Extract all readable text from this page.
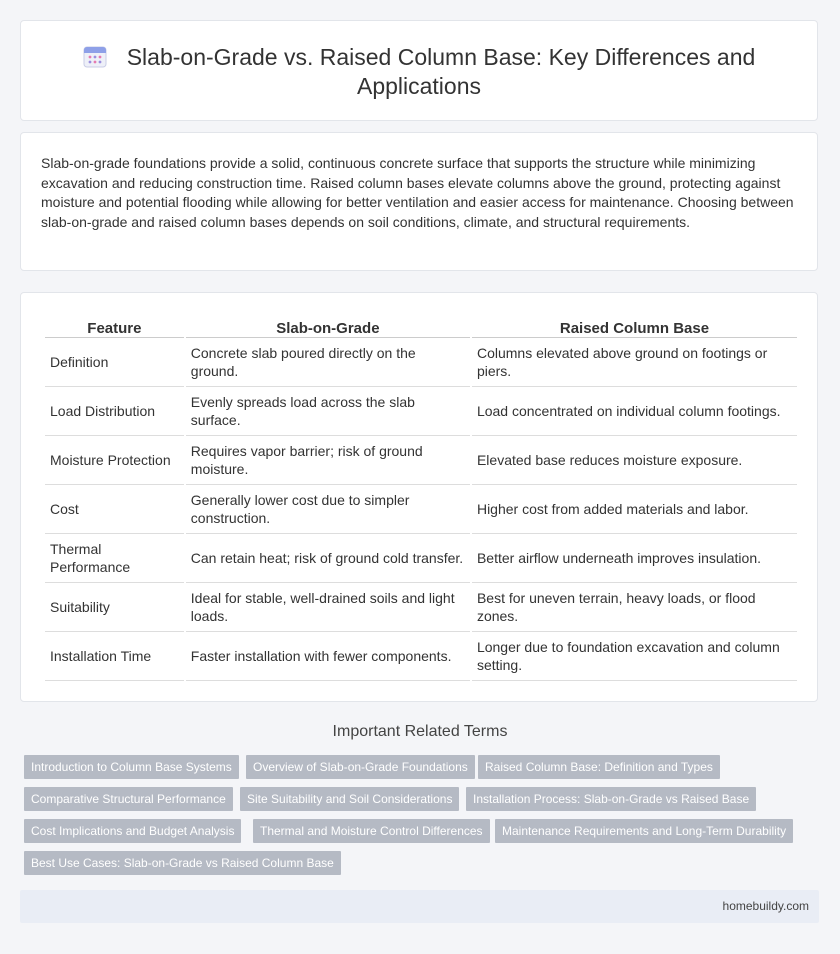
Slab-on-Grade vs. Raised Column Base: Key Differences and Applications

Slab-on-grade foundations provide a solid, continuous concrete surface that supports the structure while minimizing excavation and reducing construction time. Raised column bases elevate columns above the ground, protecting against moisture and potential flooding while allowing for better ventilation and easier access for maintenance. Choosing between slab-on-grade and raised column bases depends on soil conditions, climate, and structural requirements.

Feature	Slab-on-Grade	Raised Column Base
Definition	Concrete slab poured directly on the ground.	Columns elevated above ground on footings or piers.
Load Distribution	Evenly spreads load across the slab surface.	Load concentrated on individual column footings.
Moisture Protection	Requires vapor barrier; risk of ground moisture.	Elevated base reduces moisture exposure.
Cost	Generally lower cost due to simpler construction.	Higher cost from added materials and labor.
Thermal Performance	Can retain heat; risk of ground cold transfer.	Better airflow underneath improves insulation.
Suitability	Ideal for stable, well-drained soils and light loads.	Best for uneven terrain, heavy loads, or flood zones.
Installation Time	Faster installation with fewer components.	Longer due to foundation excavation and column setting.
Important Related Terms
Introduction to Column Base Systems	Overview of Slab-on-Grade Foundations	Raised Column Base: Definition and Types
Comparative Structural Performance	Site Suitability and Soil Considerations	Installation Process: Slab-on-Grade vs Raised Base
Cost Implications and Budget Analysis	Thermal and Moisture Control Differences	Maintenance Requirements and Long-Term Durability
Best Use Cases: Slab-on-Grade vs Raised Column Base
homebuildy.com
